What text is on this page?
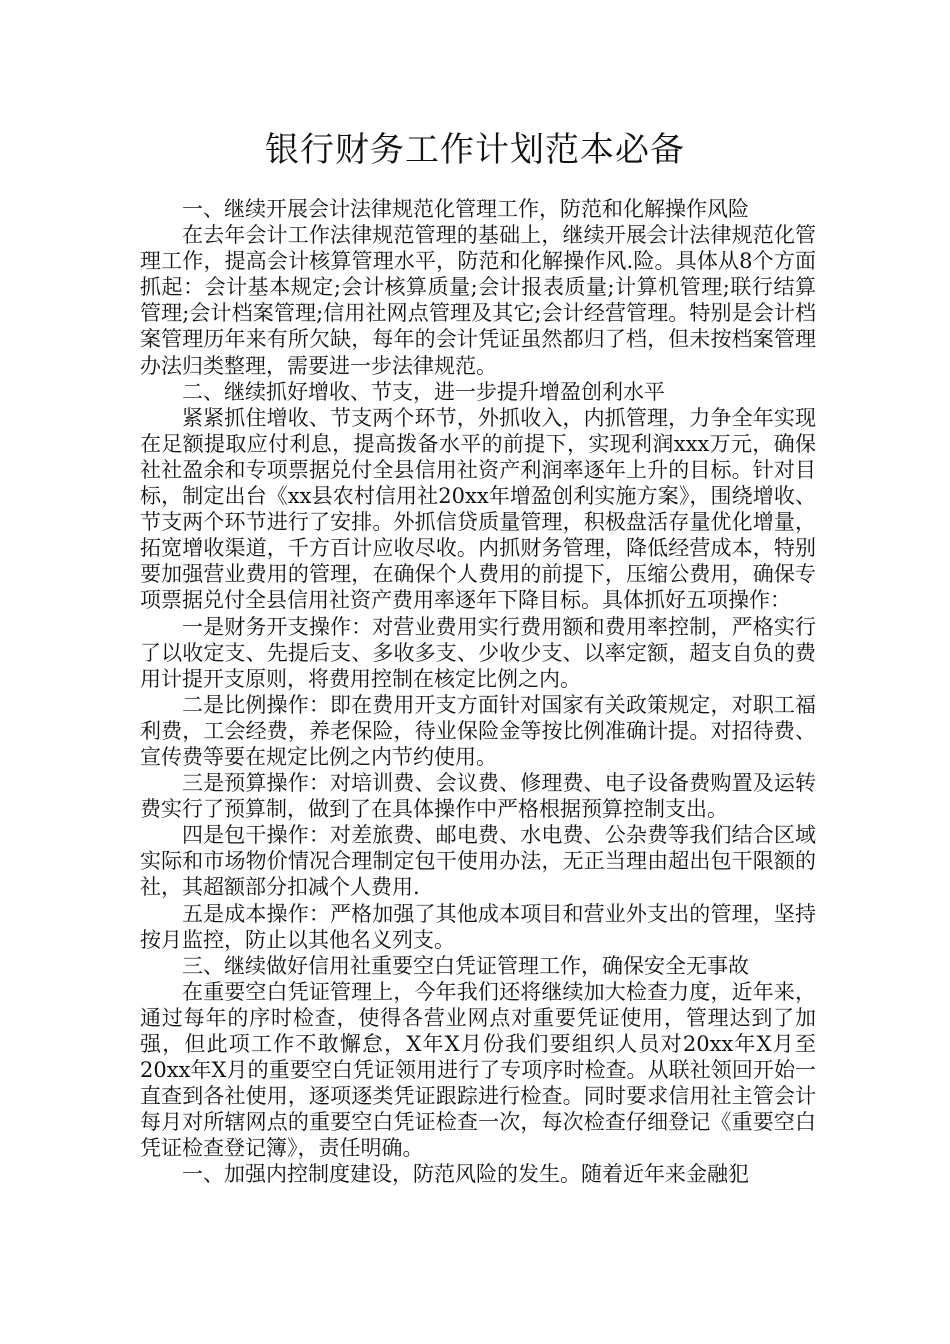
银行财务工作计划范本必备

一、继续开展会计法律规范化管理工作，防范和化解操作风险

在去年会计工作法律规范管理的基础上，继续开展会计法律规范化管理工作，提高会计核算管理水平，防范和化解操作风.险。具体从8个方面抓起：会计基本规定;会计核算质量;会计报表质量;计算机管理;联行结算管理;会计档案管理;信用社网点管理及其它;会计经营管理。特别是会计档案管理历年来有所欠缺，每年的会计凭证虽然都归了档，但未按档案管理办法归类整理，需要进一步法律规范。

二、继续抓好增收、节支，进一步提升增盈创利水平

紧紧抓住增收、节支两个环节，外抓收入，内抓管理，力争全年实现在足额提取应付利息，提高拨备水平的前提下，实现利润xxx万元，确保社社盈余和专项票据兑付全县信用社资产利润率逐年上升的目标。针对目标，制定出台《xx县农村信用社20xx年增盈创利实施方案》，围绕增收、节支两个环节进行了安排。外抓信贷质量管理，积极盘活存量优化增量，拓宽增收渠道，千方百计应收尽收。内抓财务管理，降低经营成本，特别要加强营业费用的管理，在确保个人费用的前提下，压缩公费用，确保专项票据兑付全县信用社资产费用率逐年下降目标。具体抓好五项操作：

一是财务开支操作：对营业费用实行费用额和费用率控制，严格实行了以收定支、先提后支、多收多支、少收少支、以率定额，超支自负的费用计提开支原则，将费用控制在核定比例之内。

二是比例操作：即在费用开支方面针对国家有关政策规定，对职工福利费，工会经费，养老保险，待业保险金等按比例准确计提。对招待费、宣传费等要在规定比例之内节约使用。

三是预算操作：对培训费、会议费、修理费、电子设备费购置及运转费实行了预算制，做到了在具体操作中严格根据预算控制支出。

四是包干操作：对差旅费、邮电费、水电费、公杂费等我们结合区域实际和市场物价情况合理制定包干使用办法，无正当理由超出包干限额的社，其超额部分扣减个人费用.

五是成本操作：严格加强了其他成本项目和营业外支出的管理，坚持按月监控，防止以其他名义列支。

三、继续做好信用社重要空白凭证管理工作，确保安全无事故

在重要空白凭证管理上，今年我们还将继续加大检查力度，近年来，通过每年的序时检查，使得各营业网点对重要凭证使用，管理达到了加强，但此项工作不敢懈怠，X年X月份我们要组织人员对20xx年X月至20xx年X月的重要空白凭证领用进行了专项序时检查。从联社领回开始一直查到各社使用，逐项逐类凭证跟踪进行检查。同时要求信用社主管会计每月对所辖网点的重要空白凭证检查一次，每次检查仔细登记《重要空白凭证检查登记簿》，责任明确。

一、加强内控制度建设，防范风险的发生。随着近年来金融犯
